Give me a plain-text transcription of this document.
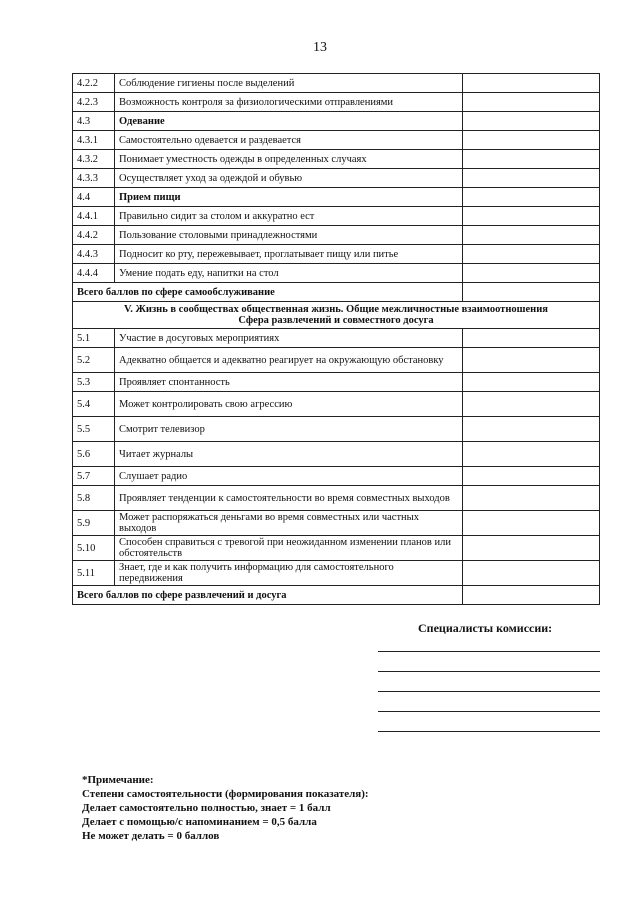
13
4.2.2	Соблюдение гигиены после выделений	
4.2.3	Возможность контроля за физиологическими отправлениями	
4.3	Одевание	
4.3.1	Самостоятельно одевается и раздевается	
4.3.2	Понимает уместность одежды в определенных случаях	
4.3.3	Осуществляет уход за одеждой и обувью	
4.4	Прием пищи	
4.4.1	Правильно сидит за столом и аккуратно ест	
4.4.2	Пользование столовыми принадлежностями	
4.4.3	Подносит ко рту, пережевывает, проглатывает пищу или питье	
4.4.4	Умение подать еду, напитки на стол	
Всего баллов по сфере самообслуживание		

V. Жизнь в сообществах общественная жизнь. Общие межличностные взаимоотношения
Сфера развлечений и совместного досуга		

5.1	Участие в досуговых мероприятиях	
5.2	Адекватно общается и адекватно реагирует на окружающую обстановку	
5.3	Проявляет спонтанность	
5.4	Может контролировать свою агрессию	
5.5	Смотрит телевизор	
5.6	Читает журналы	
5.7	Слушает радио	
5.8	Проявляет тенденции к самостоятельности во время совместных выходов	
5.9	Может распоряжаться деньгами во время совместных или частных выходов	
5.10	Способен справиться с тревогой при неожиданном изменении планов или обстоятельств	
5.11	Знает, где и как получить информацию для самостоятельного передвижения	
Всего баллов по сфере развлечений и досуга		
Специалисты комиссии:
*Примечание:
Степени самостоятельности (формирования показателя):
Делает самостоятельно полностью, знает = 1 балл
Делает с помощью/с напоминанием = 0,5 балла
Не может делать = 0 баллов
